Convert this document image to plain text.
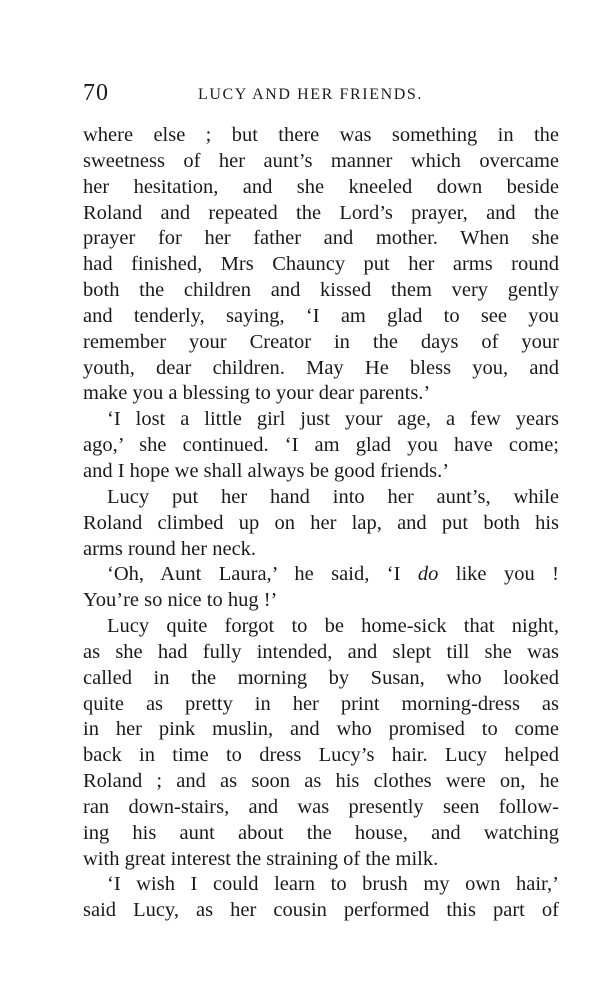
70	LUCY AND HER FRIENDS.
where else ; but there was something in the
sweetness of her aunt’s manner which overcame
her hesitation, and she kneeled down beside
Roland and repeated the Lord’s prayer, and the
prayer for her father and mother. When she
had finished, Mrs Chauncy put her arms round
both the children and kissed them very gently
and tenderly, saying, ‘I am glad to see you
remember your Creator in the days of your
youth, dear children. May He bless you, and
make you a blessing to your dear parents.’
‘I lost a little girl just your age, a few years
ago,’ she continued. ‘I am glad you have come;
and I hope we shall always be good friends.’
Lucy put her hand into her aunt’s, while
Roland climbed up on her lap, and put both his
arms round her neck.
‘Oh, Aunt Laura,’ he said, ‘I do like you !
You’re so nice to hug !’
Lucy quite forgot to be home-sick that night,
as she had fully intended, and slept till she was
called in the morning by Susan, who looked
quite as pretty in her print morning-dress as
in her pink muslin, and who promised to come
back in time to dress Lucy’s hair. Lucy helped
Roland ; and as soon as his clothes were on, he
ran down-stairs, and was presently seen follow-
ing his aunt about the house, and watching
with great interest the straining of the milk.
‘I wish I could learn to brush my own hair,’
said Lucy, as her cousin performed this part of
